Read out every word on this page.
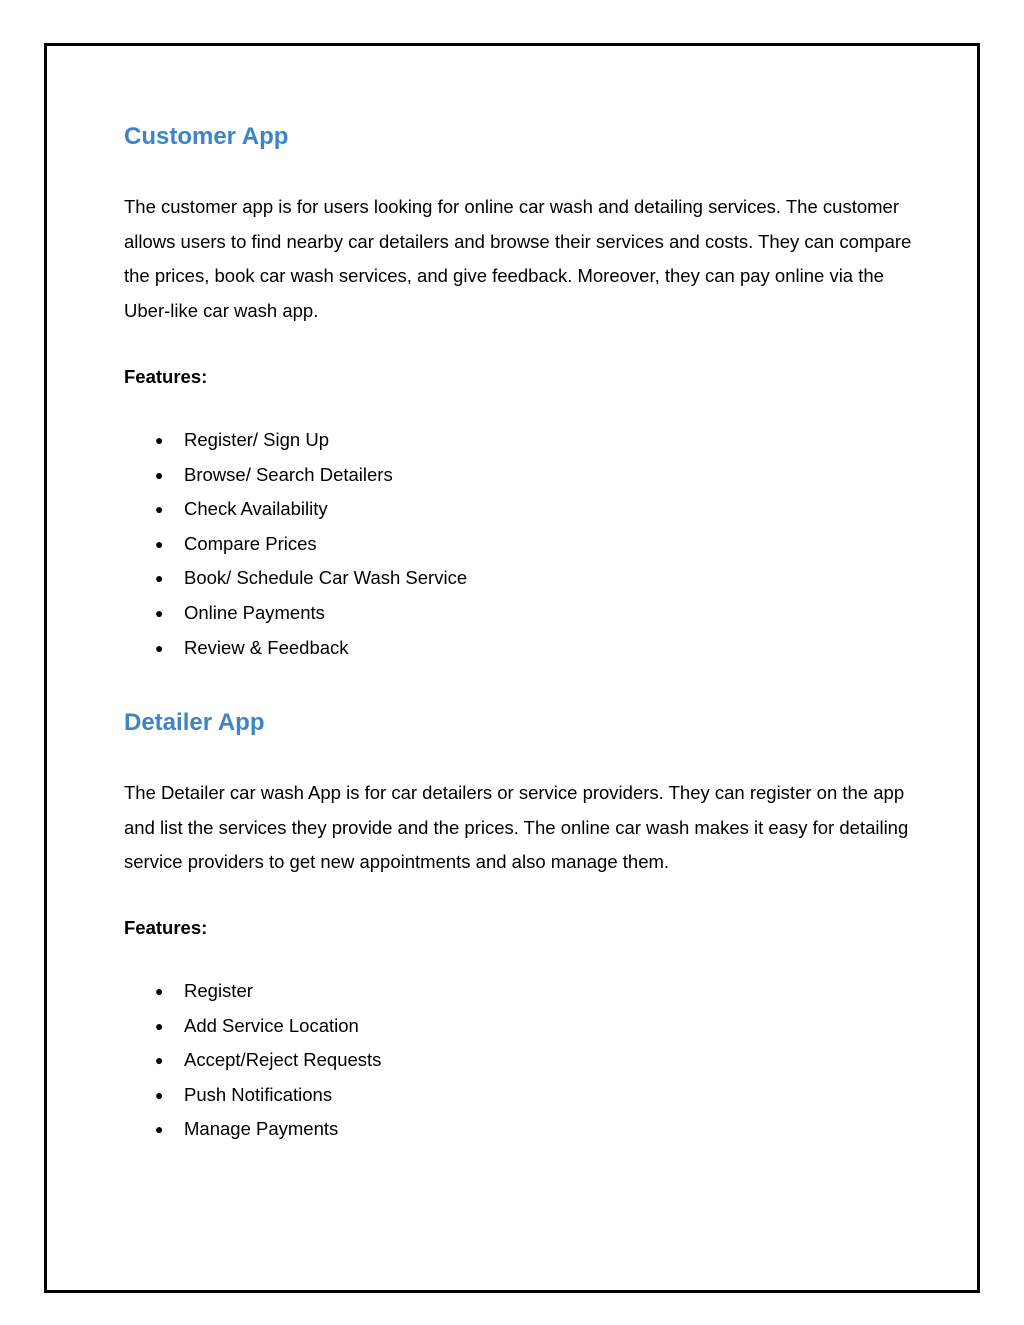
Customer App

The customer app is for users looking for online car wash and detailing services. The customer allows users to find nearby car detailers and browse their services and costs. They can compare the prices, book car wash services, and give feedback. Moreover, they can pay online via the Uber-like car wash app.

Features:

● Register/ Sign Up
● Browse/ Search Detailers
● Check Availability
● Compare Prices
● Book/ Schedule Car Wash Service
● Online Payments
● Review & Feedback
Detailer App

The Detailer car wash App is for car detailers or service providers. They can register on the app and list the services they provide and the prices. The online car wash makes it easy for detailing service providers to get new appointments and also manage them.

Features:

● Register
● Add Service Location
● Accept/Reject Requests
● Push Notifications
● Manage Payments
